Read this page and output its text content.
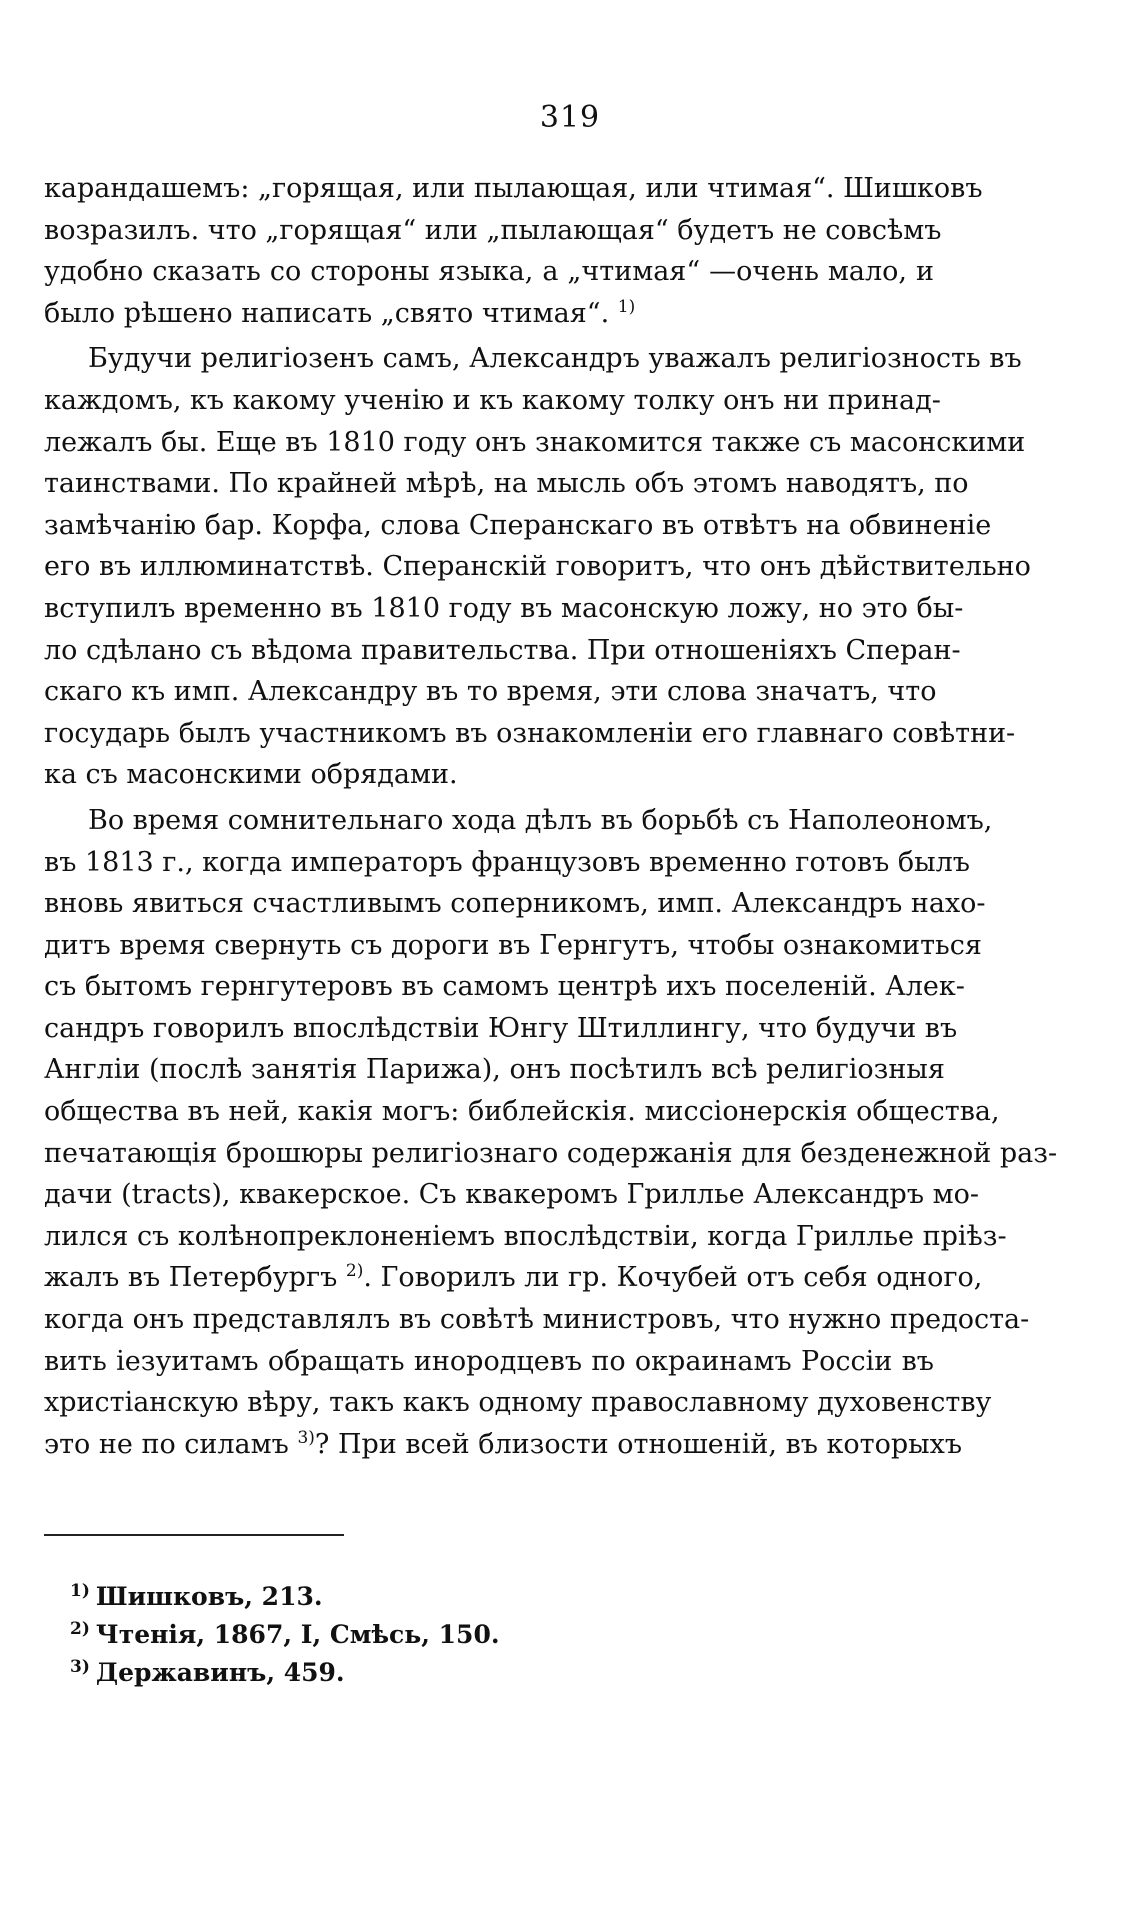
319
карандашемъ: „горящая, или пылающая, или чтимая“. Шишковъ
возразилъ. что „горящая“ или „пылающая“ будетъ не совсѣмъ
удобно сказать со стороны языка, а „чтимая“ —очень мало, и
было рѣшено написать „свято чтимая“. $^{1)}$
Будучи религіозенъ самъ, Александръ уважалъ религіозность въ
каждомъ, къ какому ученію и къ какому толку онъ ни принад-
лежалъ бы. Еще въ 1810 году онъ знакомится также съ масонскими
таинствами. По крайней мѣрѣ, на мысль объ этомъ наводятъ, по
замѣчанію бар. Корфа, слова Сперанскаго въ отвѣтъ на обвиненіе
его въ иллюминатствѣ. Сперанскій говоритъ, что онъ дѣйствительно
вступилъ временно въ 1810 году въ масонскую ложу, но это бы-
ло сдѣлано съ вѣдома правительства. При отношеніяхъ Сперан-
скаго къ имп. Александру въ то время, эти слова значатъ, что
государь былъ участникомъ въ ознакомленіи его главнаго совѣтни-
ка съ масонскими обрядами.
Во время сомнительнаго хода дѣлъ въ борьбѣ съ Наполеономъ,
въ 1813 г., когда императоръ французовъ временно готовъ былъ
вновь явиться счастливымъ соперникомъ, имп. Александръ нахо-
дитъ время свернуть съ дороги въ Гернгутъ, чтобы ознакомиться
съ бытомъ гернгутеровъ въ самомъ центрѣ ихъ поселеній. Алек-
сандръ говорилъ впослѣдствіи Юнгу Штиллингу, что будучи въ
Англіи (послѣ занятія Парижа), онъ посѣтилъ всѣ религіозныя
общества въ ней, какія могъ: библейскія. миссіонерскія общества,
печатающія брошюры религіознаго содержанія для безденежной раз-
дачи (tracts), квакерское. Съ квакеромъ Гриллье Александръ мо-
лился съ колѣнопреклоненіемъ впослѣдствіи, когда Гриллье пріѣз-
жалъ въ Петербургъ $^{2)}$. Говорилъ ли гр. Кочубей отъ себя одного,
когда онъ представлялъ въ совѣтѣ министровъ, что нужно предоста-
вить іезуитамъ обращать инородцевъ по окраинамъ Россіи въ
христіанскую вѣру, такъ какъ одному православному духовенству
это не по силамъ $^{3)}$? При всей близости отношеній, въ которыхъ
$^{1)}$ Шишковъ, 213.
$^{2)}$ Чтенія, 1867, I, Смѣсь, 150.
$^{3)}$ Державинъ, 459.
